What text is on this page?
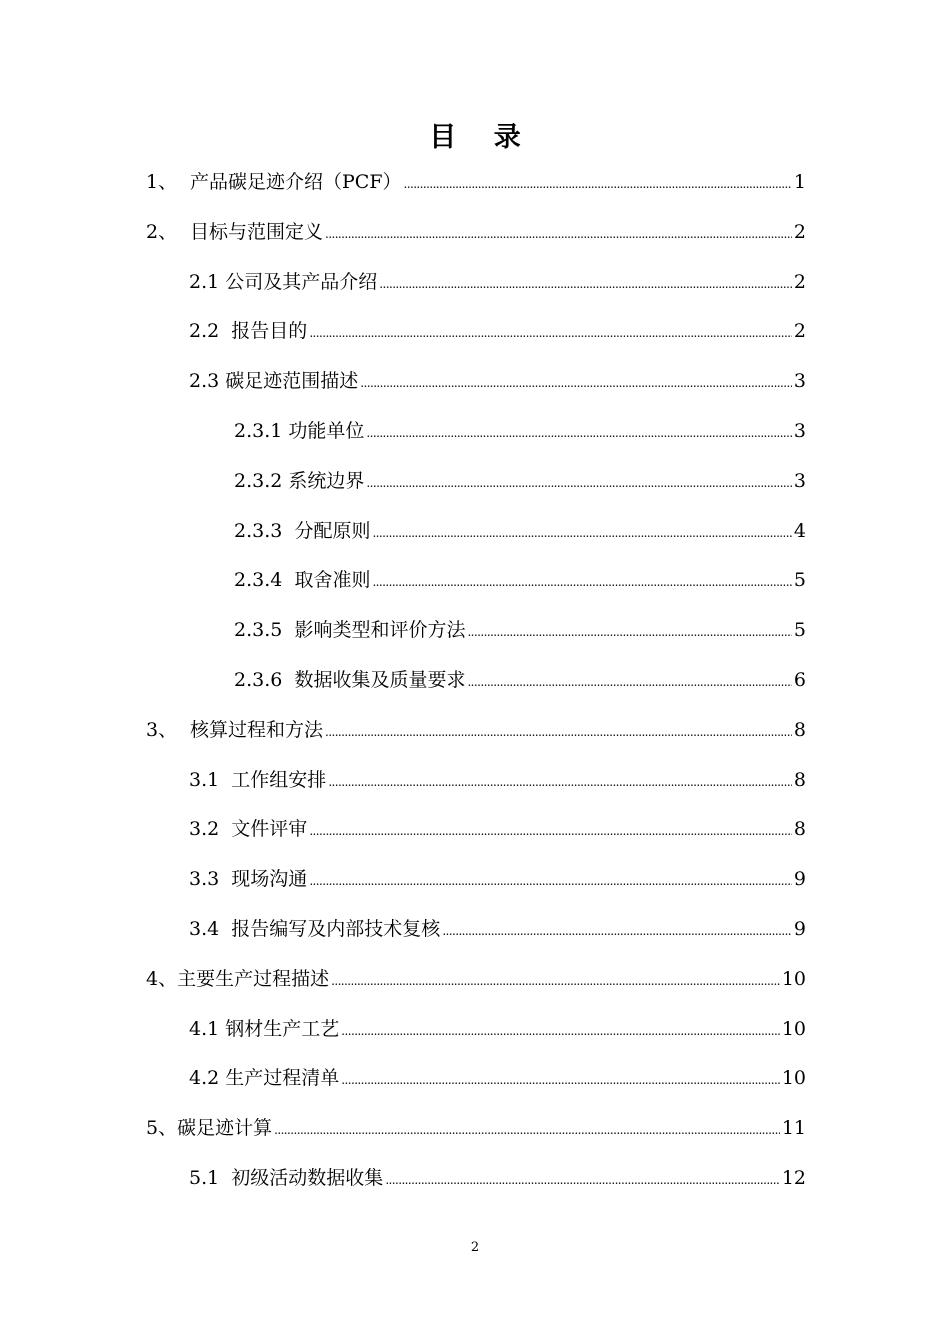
目 录
1、 产品碳足迹介绍（PCF） . . .	1
2、 目标与范围定义 . . .	2
2.1 公司及其产品介绍 . . .	2
2.2 报告目的 . . .	2
2.3 碳足迹范围描述 . . .	3
2.3.1 功能单位 . . .	3
2.3.2 系统边界 . . .	3
2.3.3 分配原则 . . .	4
2.3.4 取舍准则 . . .	5
2.3.5 影响类型和评价方法 . . .	5
2.3.6 数据收集及质量要求 . . .	6
3、 核算过程和方法 . . .	8
3.1 工作组安排 . . .	8
3.2 文件评审 . . .	8
3.3 现场沟通 . . .	9
3.4 报告编写及内部技术复核 . . .	9
4、 主要生产过程描述 . . .	10
4.1 钢材生产工艺 . . .	10
4.2 生产过程清单 . . .	10
5、 碳足迹计算 . . .	11
5.1 初级活动数据收集 . . .	12
2
